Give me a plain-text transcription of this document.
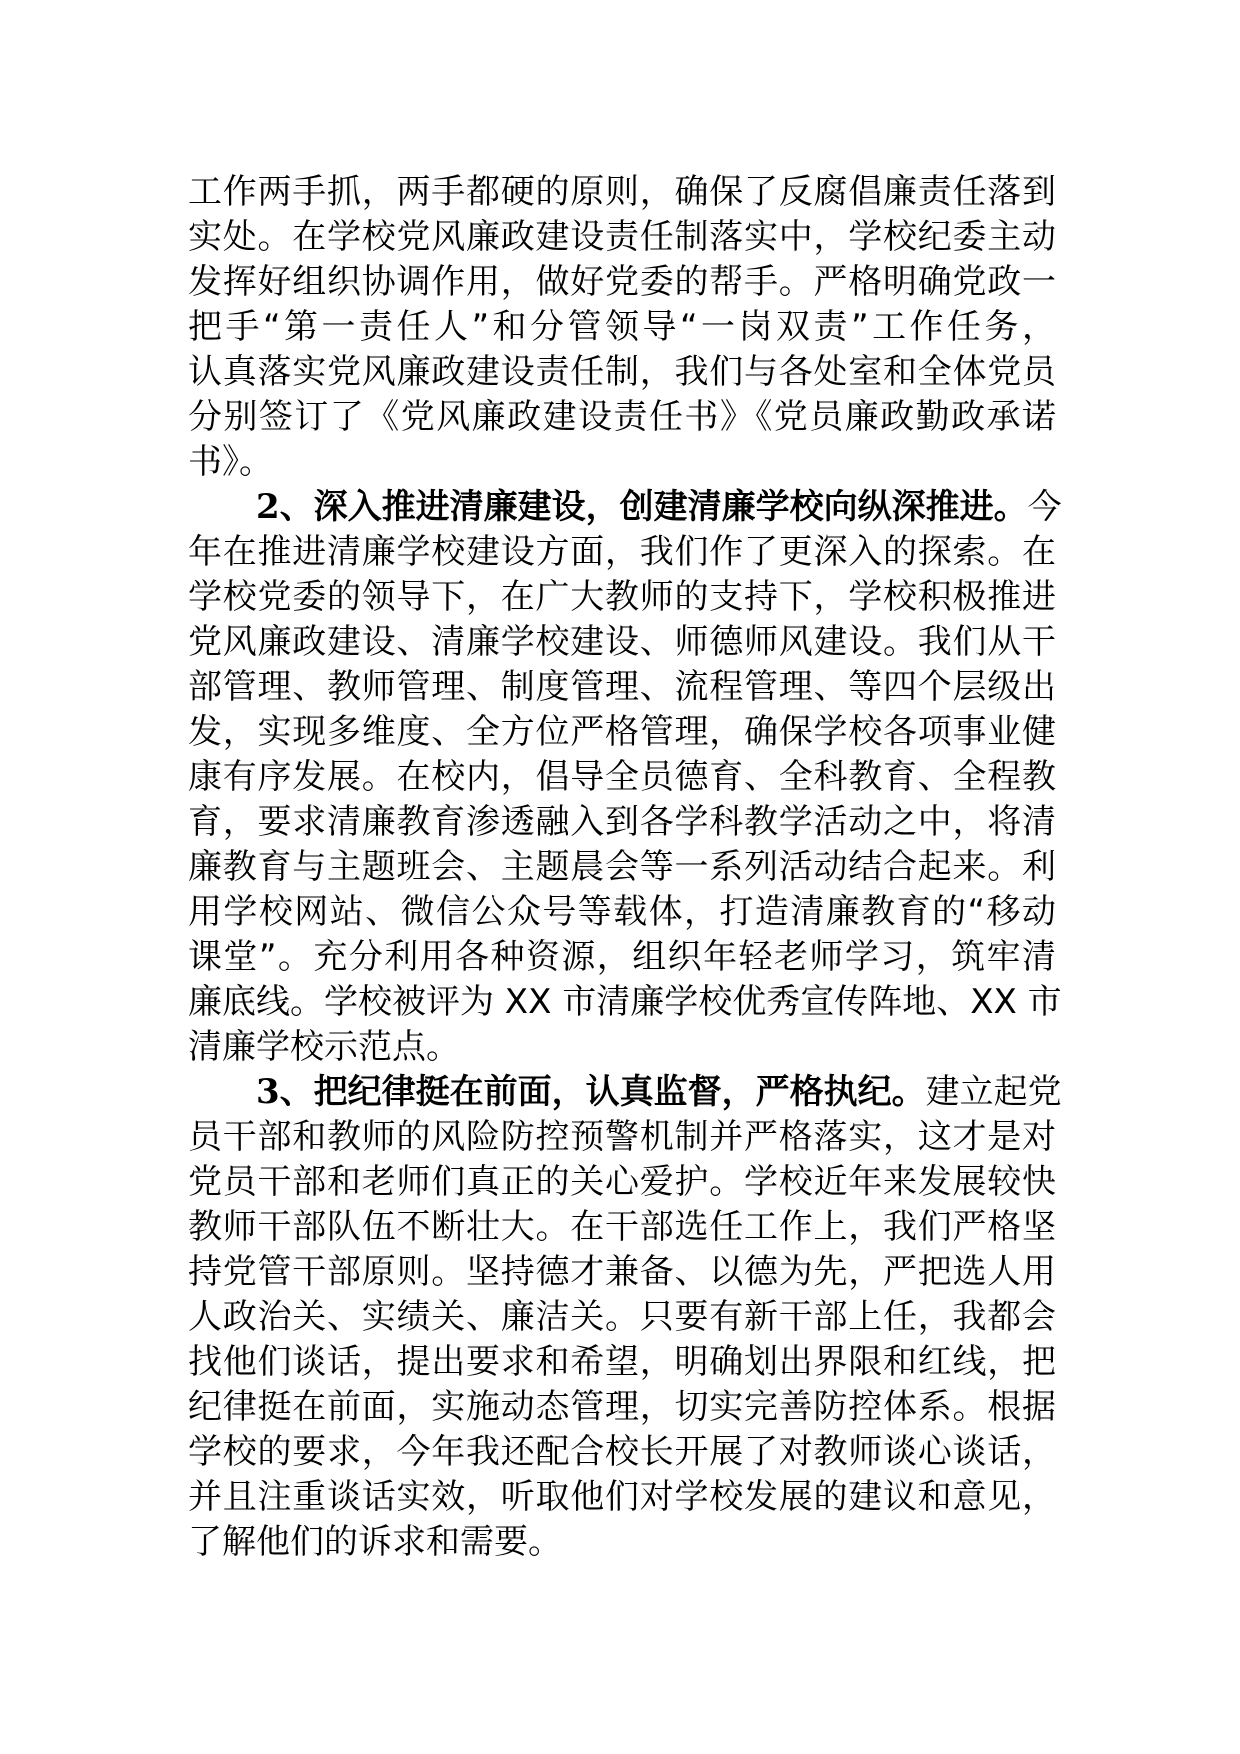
工作两手抓，两手都硬的原则，确保了反腐倡廉责任落到
实处。在学校党风廉政建设责任制落实中，学校纪委主动
发挥好组织协调作用，做好党委的帮手。严格明确党政一
把手“第一责任人”和分管领导“一岗双责”工作任务，
认真落实党风廉政建设责任制，我们与各处室和全体党员
分别签订了《党风廉政建设责任书》《党员廉政勤政承诺
书》。

2、深入推进清廉建设，创建清廉学校向纵深推进。今
年在推进清廉学校建设方面，我们作了更深入的探索。在
学校党委的领导下，在广大教师的支持下，学校积极推进
党风廉政建设、清廉学校建设、师德师风建设。我们从干
部管理、教师管理、制度管理、流程管理、等四个层级出
发，实现多维度、全方位严格管理，确保学校各项事业健
康有序发展。在校内，倡导全员德育、全科教育、全程教
育，要求清廉教育渗透融入到各学科教学活动之中，将清
廉教育与主题班会、主题晨会等一系列活动结合起来。利
用学校网站、微信公众号等载体，打造清廉教育的“移动
课堂”。充分利用各种资源，组织年轻老师学习，筑牢清
廉底线。学校被评为 XX 市清廉学校优秀宣传阵地、XX 市
清廉学校示范点。

3、把纪律挺在前面，认真监督，严格执纪。建立起党
员干部和教师的风险防控预警机制并严格落实，这才是对
党员干部和老师们真正的关心爱护。学校近年来发展较快
教师干部队伍不断壮大。在干部选任工作上，我们严格坚
持党管干部原则。坚持德才兼备、以德为先，严把选人用
人政治关、实绩关、廉洁关。只要有新干部上任，我都会
找他们谈话，提出要求和希望，明确划出界限和红线，把
纪律挺在前面，实施动态管理，切实完善防控体系。根据
学校的要求，今年我还配合校长开展了对教师谈心谈话，
并且注重谈话实效，听取他们对学校发展的建议和意见，
了解他们的诉求和需要。
